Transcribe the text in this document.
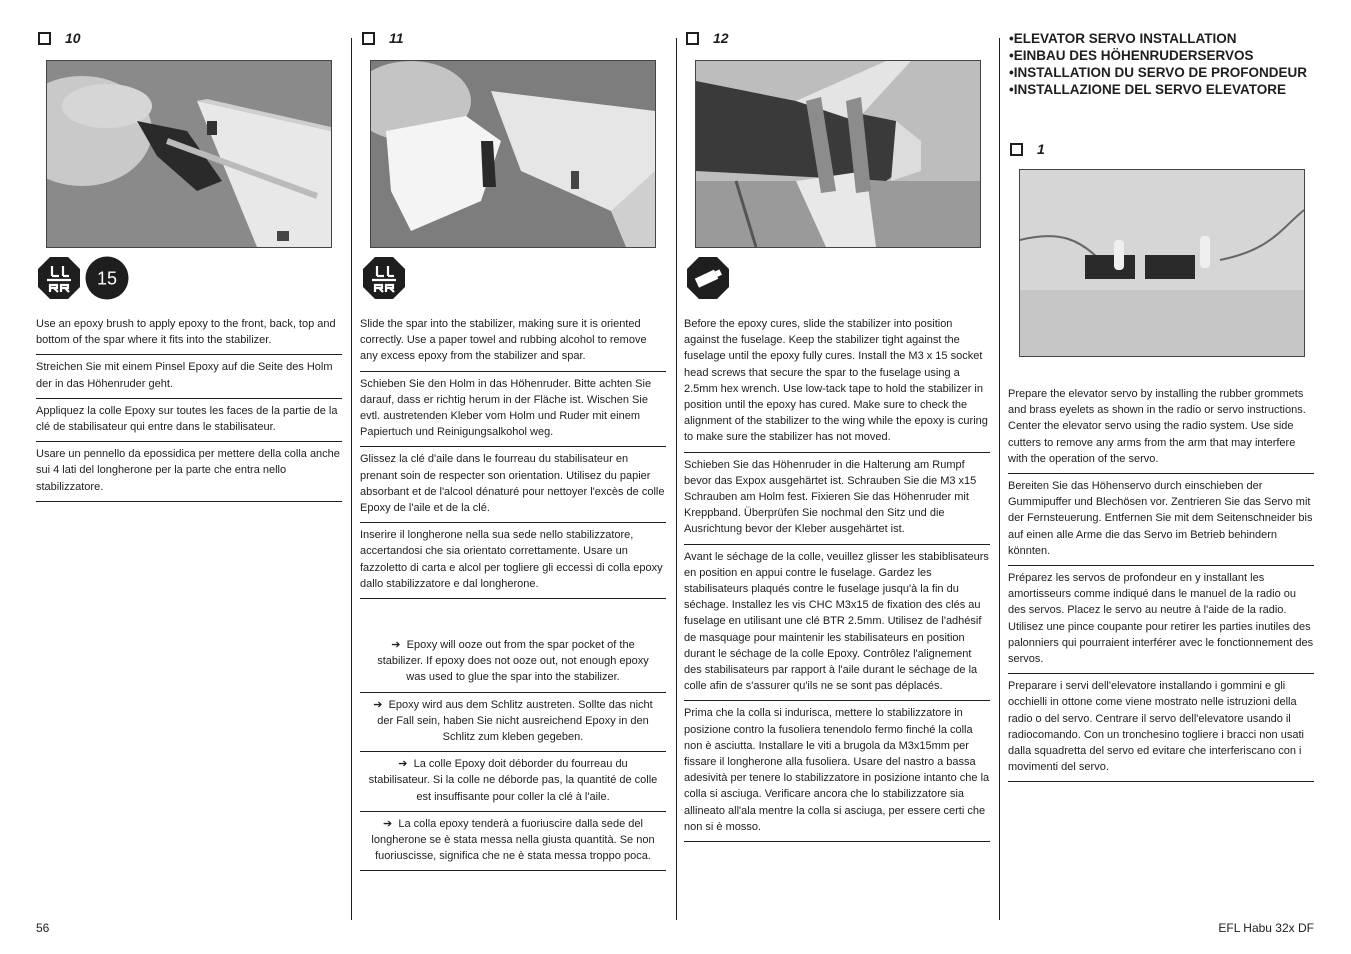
10
15

Use an epoxy brush to apply epoxy to the front, back, top and bottom of the spar where it fits into the stabilizer.

Streichen Sie mit einem Pinsel Epoxy auf die Seite des Holm der in das Höhenruder geht.

Appliquez la colle Epoxy sur toutes les faces de la partie de la clé de stabilisateur qui entre dans le stabilisateur.

Usare un pennello da epossidica per mettere della colla anche sui 4 lati del longherone per la parte che entra nello stabilizzatore.

11

Slide the spar into the stabilizer, making sure it is oriented correctly. Use a paper towel and rubbing alcohol to remove any excess epoxy from the stabilizer and spar.

Schieben Sie den Holm in das Höhenruder. Bitte achten Sie darauf, dass er richtig herum in der Fläche ist. Wischen Sie evtl. austretenden Kleber vom Holm und Ruder mit einem Papiertuch und Reinigungsalkohol weg.

Glissez la clé d'aile dans le fourreau du stabilisateur en prenant soin de respecter son orientation. Utilisez du papier absorbant et de l'alcool dénaturé pour nettoyer l'excès de colle Epoxy de l'aile et de la clé.

Inserire il longherone nella sua sede nello stabilizzatore, accertandosi che sia orientato correttamente. Usare un fazzoletto di carta e alcol per togliere gli eccessi di colla epoxy dallo stabilizzatore e dal longherone.

➔ Epoxy will ooze out from the spar pocket of the stabilizer. If epoxy does not ooze out, not enough epoxy was used to glue the spar into the stabilizer.

➔ Epoxy wird aus dem Schlitz austreten. Sollte das nicht der Fall sein, haben Sie nicht ausreichend Epoxy in den Schlitz zum kleben gegeben.

➔ La colle Epoxy doit déborder du fourreau du stabilisateur. Si la colle ne déborde pas, la quantité de colle est insuffisante pour coller la clé à l'aile.

➔ La colla epoxy tenderà a fuoriuscire dalla sede del longherone se è stata messa nella giusta quantità. Se non fuoriuscisse, significa che ne è stata messa troppo poca.

12

Before the epoxy cures, slide the stabilizer into position against the fuselage. Keep the stabilizer tight against the fuselage until the epoxy fully cures. Install the M3 x 15 socket head screws that secure the spar to the fuselage using a 2.5mm hex wrench. Use low-tack tape to hold the stabilizer in position until the epoxy has cured. Make sure to check the alignment of the stabilizer to the wing while the epoxy is curing to make sure the stabilizer has not moved.

Schieben Sie das Höhenruder in die Halterung am Rumpf bevor das Expox ausgehärtet ist. Schrauben Sie die M3 x15 Schrauben am Holm fest. Fixieren Sie das Höhenruder mit Kreppband. Überprüfen Sie nochmal den Sitz und die Ausrichtung bevor der Kleber ausgehärtet ist.

Avant le séchage de la colle, veuillez glisser les stabiblisateurs en position en appui contre le fuselage. Gardez les stabilisateurs plaqués contre le fuselage jusqu'à la fin du séchage. Installez les vis CHC M3x15 de fixation des clés au fuselage en utilisant une clé BTR 2.5mm. Utilisez de l'adhésif de masquage pour maintenir les stabilisateurs en position durant le séchage de la colle Epoxy. Contrôlez l'alignement des stabilisateurs par rapport à l'aile durant le séchage de la colle afin de s'assurer qu'ils ne se sont pas déplacés.

Prima che la colla si indurisca, mettere lo stabilizzatore in posizione contro la fusoliera tenendolo fermo finché la colla non è asciutta. Installare le viti a brugola da M3x15mm per fissare il longherone alla fusoliera. Usare del nastro a bassa adesività per tenere lo stabilizzatore in posizione intanto che la colla si asciuga. Verificare ancora che lo stabilizzatore sia allineato all'ala mentre la colla si asciuga, per essere certi che non si è mosso.

•ELEVATOR SERVO INSTALLATION
•EINBAU DES HÖHENRUDERSERVOS
•INSTALLATION DU SERVO DE PROFONDEUR
•INSTALLAZIONE DEL SERVO ELEVATORE
1

Prepare the elevator servo by installing the rubber grommets and brass eyelets as shown in the radio or servo instructions. Center the elevator servo using the radio system. Use side cutters to remove any arms from the arm that may interfere with the operation of the servo.

Bereiten Sie das Höhenservo durch einschieben der Gummipuffer und Blechösen vor. Zentrieren Sie das Servo mit der Fernsteuerung. Entfernen Sie mit dem Seitenschneider bis auf einen alle Arme die das Servo im Betrieb behindern könnten.

Préparez les servos de profondeur en y installant les amortisseurs comme indiqué dans le manuel de la radio ou des servos. Placez le servo au neutre à l'aide de la radio. Utilisez une pince coupante pour retirer les parties inutiles des palonniers qui pourraient interférer avec le fonctionnement des servos.

Preparare i servi dell'elevatore installando i gommini e gli occhielli in ottone come viene mostrato nelle istruzioni della radio o del servo. Centrare il servo dell'elevatore usando il radiocomando. Con un tronchesino togliere i bracci non usati dalla squadretta del servo ed evitare che interferiscano con i movimenti del servo.

56	EFL Habu 32x DF
